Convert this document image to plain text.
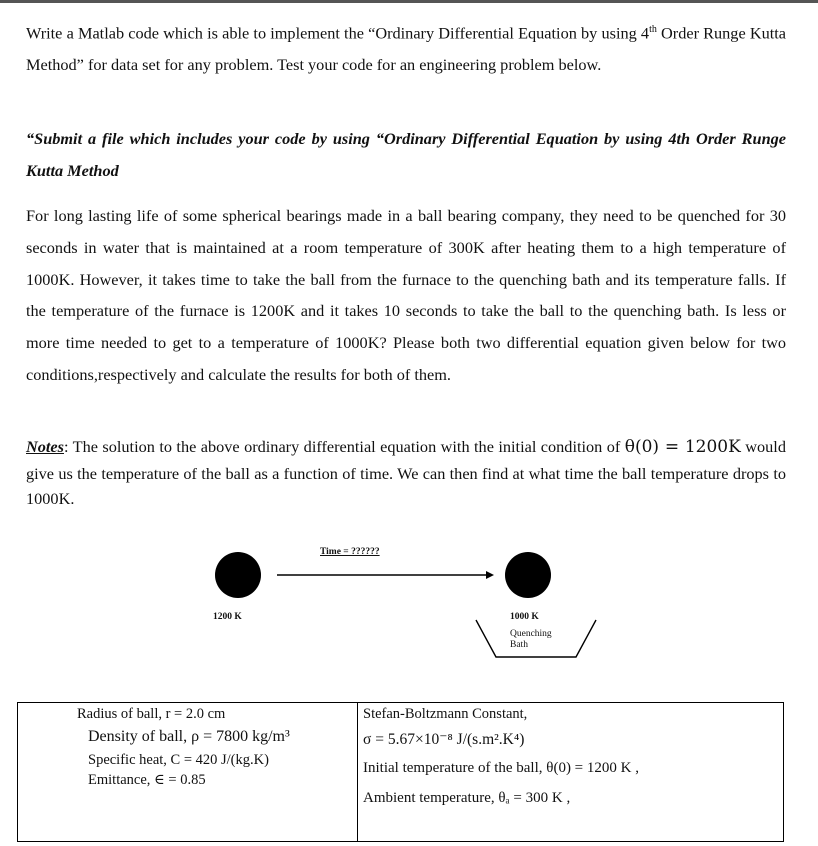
Write a Matlab code which is able to implement the “Ordinary Differential Equation by using 4th Order Runge Kutta Method” for data set for any problem. Test your code for an engineering problem below.

“Submit a file which includes your code by using “Ordinary Differential Equation by using 4th Order Runge Kutta Method

For long lasting life of some spherical bearings made in a ball bearing company, they need to be quenched for 30 seconds in water that is maintained at a room temperature of 300K after heating them to a high temperature of 1000K. However, it takes time to take the ball from the furnace to the quenching bath and its temperature falls. If the temperature of the furnace is 1200K and it takes 10 seconds to take the ball to the quenching bath. Is less or more time needed to get to a temperature of 1000K? Please both two differential equation given below for two conditions,respectively and calculate the results for both of them.

Notes: The solution to the above ordinary differential equation with the initial condition of θ(0) = 1200K would give us the temperature of the ball as a function of time. We can then find at what time the ball temperature drops to 1000K.

Time = ??????
1200 K	1000 K
Quenching
Bath
Radius of ball, r = 2.0 cm
Density of ball, ρ = 7800 kg/m³
Specific heat, C = 420 J/(kg.K)
Emittance, ∈ = 0.85
Stefan-Boltzmann Constant,
σ = 5.67×10⁻⁸ J/(s.m².K⁴)
Initial temperature of the ball, θ(0) = 1200 K ,
Ambient temperature, θₐ = 300 K ,
